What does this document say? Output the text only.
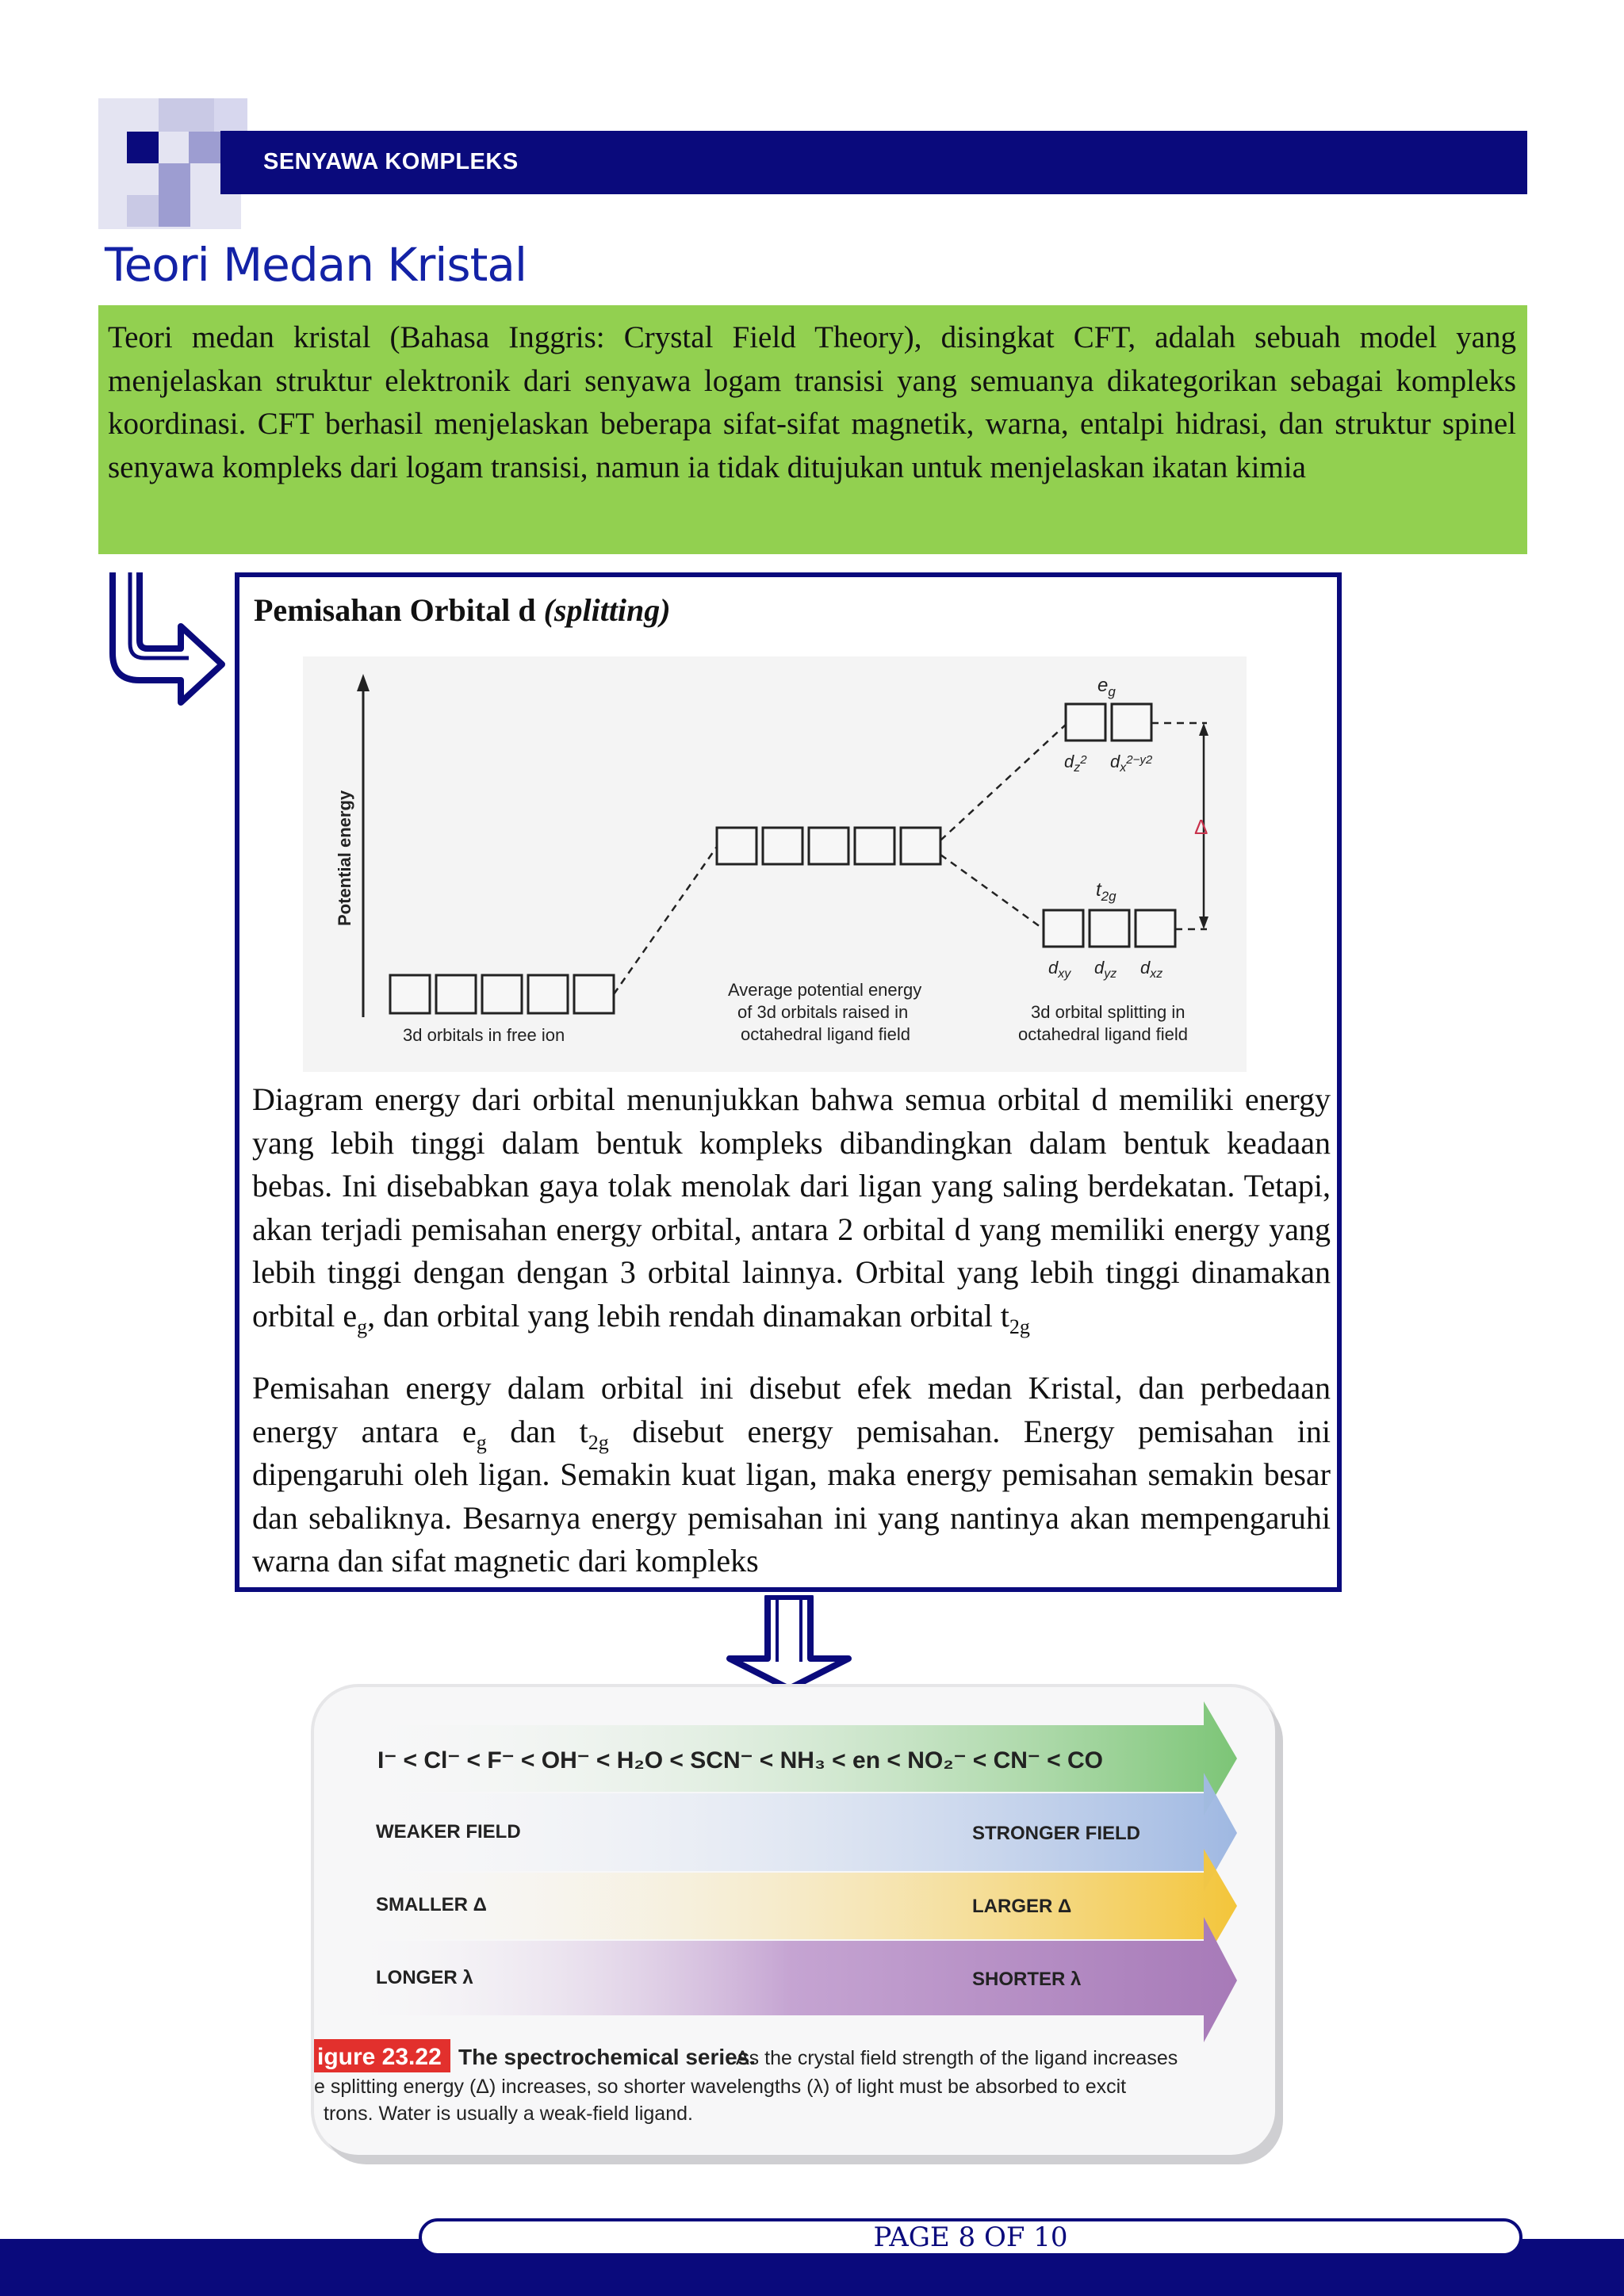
SENYAWA KOMPLEKS
Teori Medan Kristal
Teori medan kristal (Bahasa Inggris: Crystal Field Theory), disingkat CFT, adalah sebuah model yang menjelaskan struktur elektronik dari senyawa logam transisi yang semuanya dikategorikan sebagai kompleks koordinasi. CFT berhasil menjelaskan beberapa sifat-sifat magnetik, warna, entalpi hidrasi, dan struktur spinel senyawa kompleks dari logam transisi, namun ia tidak ditujukan untuk menjelaskan ikatan kimia
Pemisahan Orbital d (splitting)
Potential energy
3d orbitals in free ion
Average potential energy
of 3d orbitals raised in
octahedral ligand field
$e_g$
$d_z^2$ $d_x^{2-y2}$
$t_{2g}$
$d_{xy}$ $d_{yz}$ $d_{xz}$
3d orbital splitting in
octahedral ligand field
Δ
Diagram energy dari orbital menunjukkan bahwa semua orbital d memiliki energy yang lebih tinggi dalam bentuk kompleks dibandingkan dalam bentuk keadaan bebas. Ini disebabkan gaya tolak menolak dari ligan yang saling berdekatan. Tetapi, akan terjadi pemisahan energy orbital, antara 2 orbital d yang memiliki energy yang lebih tinggi dengan dengan 3 orbital lainnya. Orbital yang lebih tinggi dinamakan orbital $e_g$, dan orbital yang lebih rendah dinamakan orbital $t_{2g}$
Pemisahan energy dalam orbital ini disebut efek medan Kristal, dan perbedaan energy antara $e_g$ dan $t_{2g}$ disebut energy pemisahan. Energy pemisahan ini dipengaruhi oleh ligan. Semakin kuat ligan, maka energy pemisahan semakin besar dan sebaliknya. Besarnya energy pemisahan ini yang nantinya akan mempengaruhi warna dan sifat magnetic dari kompleks
I⁻ < Cl⁻ < F⁻ < OH⁻ < H₂O < SCN⁻ < NH₃ < en < NO₂⁻ < CN⁻ < CO
WEAKER FIELD	STRONGER FIELD
SMALLER Δ	LARGER Δ
LONGER λ	SHORTER λ
igure 23.22 The spectrochemical series.
As the crystal field strength of the ligand increases
e splitting energy (Δ) increases, so shorter wavelengths (λ) of light must be absorbed to excit
trons. Water is usually a weak-field ligand.
PAGE 8 OF 10
